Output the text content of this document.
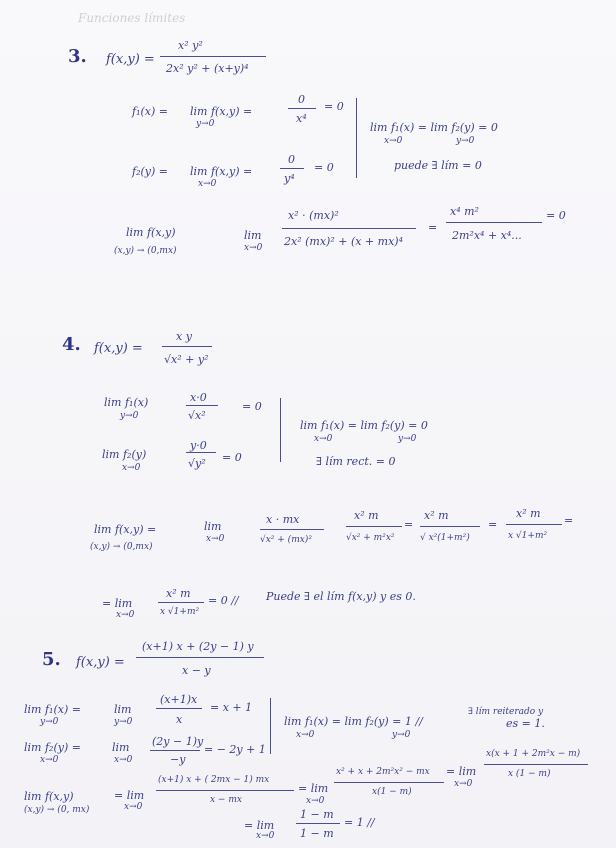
Funciones límites
3. f(x,y) =
x² y²
2x² y² + (x+y)⁴
f₁(x) = lim f(x,y) =
y→0
0
x⁴
= 0
f₂(y) = lim f(x,y) =
x→0
0
y⁴
= 0
lim f₁(x) = lim f₂(y) = 0
x→0	y→0
puede ∃ lím = 0
lim f(x,y)
(x,y) → (0,mx)
lim
x→0
x² · (mx)²
2x² (mx)² + (x + mx)⁴
=
x⁴ m²
2m²x⁴ + x⁴...
= 0
4. f(x,y) =
x y
√x² + y²
lim f₁(x)
y→0
x·0
√x²
= 0
lim f₂(y)
x→0
y·0
√y² = 0
lim f₁(x) = lim f₂(y) = 0
x→0	y→0
∃ lím rect. = 0
lim f(x,y) =
(x,y) → (0,mx)
lim
x→0
x · mx
√x² + (mx)²
x² m
√x² + m²x²
=
x² m
√ x²(1+m²)
=
x² m
x √1+m²
=
= lim
x→0
x² m
x √1+m²
= 0 // Puede ∃ el lím f(x,y) y es 0.
5. f(x,y) =
(x+1) x + (2y − 1) y
x − y
lim f₁(x) =
y→0
lim
y→0
(x+1)x
x
= x + 1
lim f₂(y) =
x→0
lim
x→0
(2y − 1)y
−y
= − 2y + 1
lim f₁(x) = lim f₂(y) = 1 //
x→0	y→0
∃ lím reiterado y
es = 1.
lim f(x,y)
(x,y) → (0, mx)
= lim
x→0
(x+1) x + ( 2mx − 1) mx
x − mx
= lim
x→0
x² + x + 2m²x² − mx
x(1 − m)
= lim
x→0
x(x + 1 + 2m²x − m)
x (1 − m)
= lim
x→0
1 − m
1 − m
= 1 //
